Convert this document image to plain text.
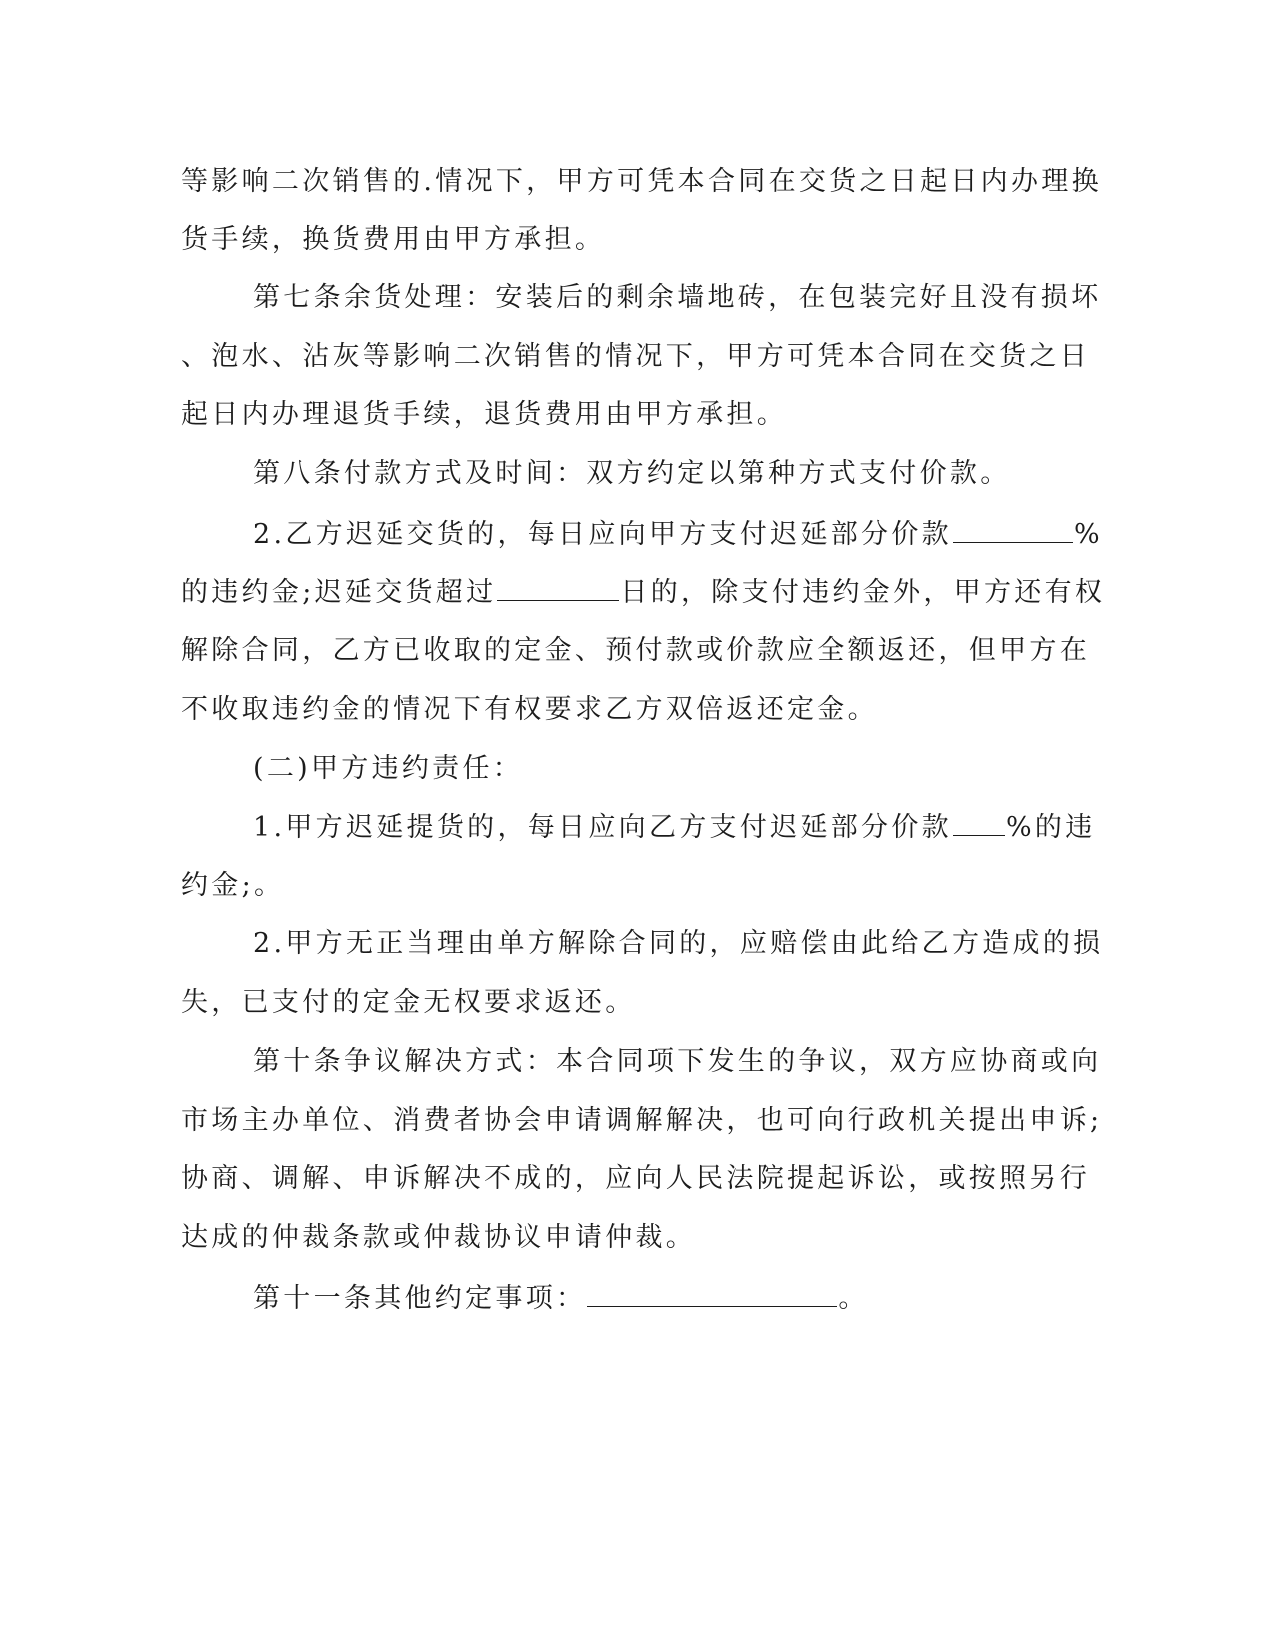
等影响二次销售的.情况下，甲方可凭本合同在交货之日起日内办理换

货手续，换货费用由甲方承担。

第七条余货处理：安装后的剩余墙地砖，在包装完好且没有损坏

、泡水、沾灰等影响二次销售的情况下，甲方可凭本合同在交货之日

起日内办理退货手续，退货费用由甲方承担。

第八条付款方式及时间：双方约定以第种方式支付价款。

2.乙方迟延交货的，每日应向甲方支付迟延部分价款	%

的违约金;迟延交货超过	日的，除支付违约金外，甲方还有权

解除合同，乙方已收取的定金、预付款或价款应全额返还，但甲方在

不收取违约金的情况下有权要求乙方双倍返还定金。

(二)甲方违约责任：

1.甲方迟延提货的，每日应向乙方支付迟延部分价款 %的违

约金;。

2.甲方无正当理由单方解除合同的，应赔偿由此给乙方造成的损

失，已支付的定金无权要求返还。

第十条争议解决方式：本合同项下发生的争议，双方应协商或向

市场主办单位、消费者协会申请调解解决，也可向行政机关提出申诉;

协商、调解、申诉解决不成的，应向人民法院提起诉讼，或按照另行

达成的仲裁条款或仲裁协议申请仲裁。

第十一条其他约定事项：	。
